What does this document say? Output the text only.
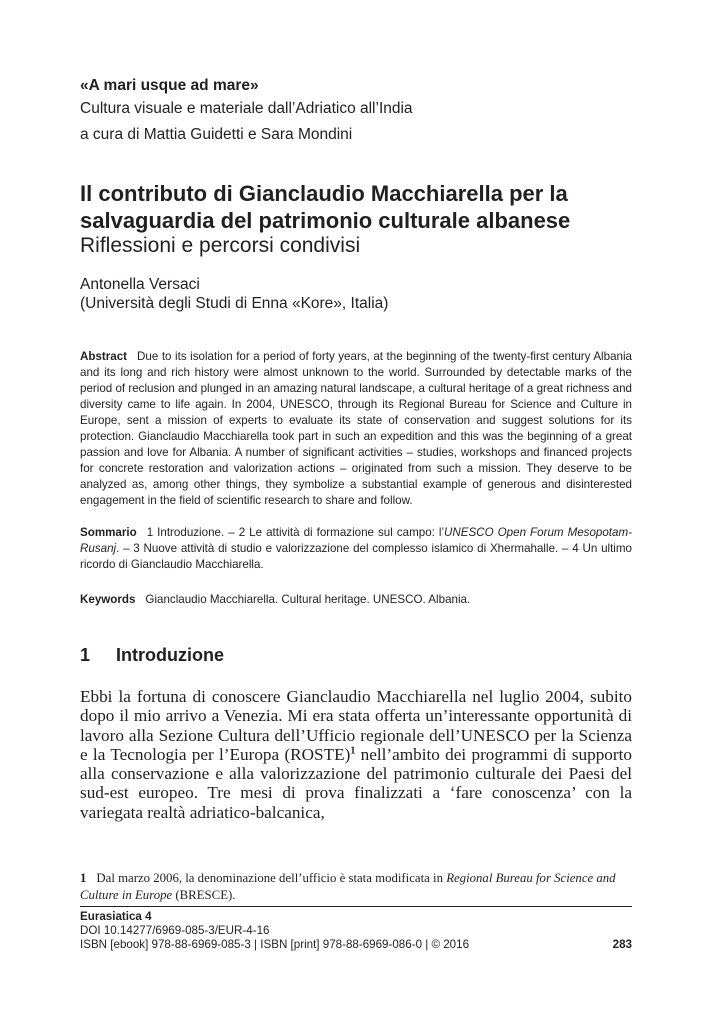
«A mari usque ad mare»
Cultura visuale e materiale dall’Adriatico all’India
a cura di Mattia Guidetti e Sara Mondini
Il contributo di Gianclaudio Macchiarella per la salvaguardia del patrimonio culturale albanese
Riflessioni e percorsi condivisi
Antonella Versaci
(Università degli Studi di Enna «Kore», Italia)
Abstract Due to its isolation for a period of forty years, at the beginning of the twenty-first century Albania and its long and rich history were almost unknown to the world. Surrounded by detectable marks of the period of reclusion and plunged in an amazing natural landscape, a cultural heritage of a great richness and diversity came to life again. In 2004, UNESCO, through its Regional Bureau for Science and Culture in Europe, sent a mission of experts to evaluate its state of conservation and suggest solutions for its protection. Gianclaudio Macchiarella took part in such an expedition and this was the beginning of a great passion and love for Albania. A number of significant activities – studies, workshops and financed projects for concrete restoration and valorization actions – originated from such a mission. They deserve to be analyzed as, among other things, they symbolize a substantial example of generous and disinterested engagement in the field of scientific research to share and follow.
Sommario 1 Introduzione. – 2 Le attività di formazione sul campo: l’UNESCO Open Forum Mesopotam-Rusanj. – 3 Nuove attività di studio e valorizzazione del complesso islamico di Xhermahalle. – 4 Un ultimo ricordo di Gianclaudio Macchiarella.
Keywords Gianclaudio Macchiarella. Cultural heritage. UNESCO. Albania.
1 Introduzione
Ebbi la fortuna di conoscere Gianclaudio Macchiarella nel luglio 2004, subito dopo il mio arrivo a Venezia. Mi era stata offerta un’interessante opportunità di lavoro alla Sezione Cultura dell’Ufficio regionale dell’UNESCO per la Scienza e la Tecnologia per l’Europa (ROSTE)$^1$ nell’ambito dei programmi di supporto alla conservazione e alla valorizzazione del patrimonio culturale dei Paesi del sud-est europeo. Tre mesi di prova finalizzati a ‘fare conoscenza’ con la variegata realtà adriatico-balcanica,
1 Dal marzo 2006, la denominazione dell’ufficio è stata modificata in Regional Bureau for Science and Culture in Europe (BRESCE).
Eurasiatica 4
DOI 10.14277/6969-085-3/EUR-4-16
ISBN [ebook] 978-88-6969-085-3 | ISBN [print] 978-88-6969-086-0 | © 2016	283
